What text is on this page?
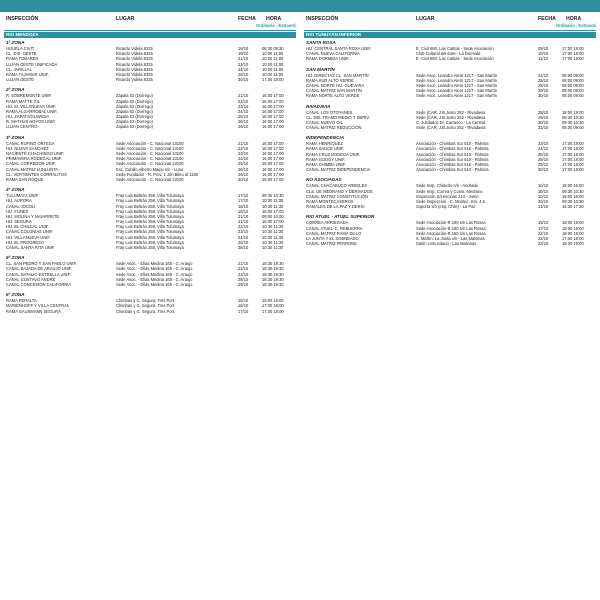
INSPECCIÓN	LUGAR	FECHA HORA
Ordinaria - Extraord.
RIO MENDOZA
1ª ZONA
HIJUELA CIVIT	Ricardo Videla 8325	18/10	08:30 09:30
CL. DIS. OESTE	Ricardo Videla 8325	19/10	10:00 11:00
RAMA TOBARES	Ricardo Videla 8325	21/10	10:00 11:00
LUJÁN OESTE UNIFICADA	Ricardo Videla 8325	23/10	10:00 11:00
CL. JARILLAL	Ricardo Videla 8325	24/10	10:00 11:00
RAMA TAJAMAR UNIF.	Ricardo Videla 8325	28/10	10:00 11:00
LUJÁN OESTE	Ricardo Videla 8325	30/10	17:00 18:00
2ª ZONA
R. SOBREMONTE UNIF.	Zapala 53 (Dorrego)	21/10	16:00 17:00
RAMA MATTE GIL	Zapala 53 (Dorrego)	22/10	16:00 17:00
HIJ. M. VILLANUEVA UNIF.	Zapala 53 (Dorrego)	23/10	16:00 17:00
RAMA ALGARROBAL UNIF.	Zapala 53 (Dorrego)	24/10	16:00 17:00
HIJ. ZAPATA/GUARDIA	Zapala 53 (Dorrego)	25/10	16:00 17:00
R. MATHUS HOYOS UNIF.	Zapala 53 (Dorrego)	28/10	16:00 17:00
LUJÁN CENTRO	Zapala 53 (Dorrego)	29/10	16:00 17:00
3ª ZONA
CANAL RUFINO ORTEGA	Sede Asociación - C. Nacional 13100	21/10	16:00 17:00
HIJ. NUEVA SANCHEZ	Sede Asociación - C. Nacional 13100	22/10	16:00 17:00
NACIENTE CHACHINGO UNIF.	Sede Asociación - C. Nacional 13100	23/10	16:00 17:00
PRIMAVERA RODEGAL UNIF.	Sede Asociación - C. Nacional 13100	24/10	16:00 17:00
CANAL CORREDOR UNIF.	Sede Asociación - C. Nacional 13100	25/10	16:00 17:00
CANAL MATRIZ LUNLUNTA	Esc. Cubillo Alberto Maipu s/n - Luna	28/10	16:00 17:00
CL. VERTIENTES CORRALITOS	Sede Fundador - R. Prov. 1 Jón Bileu al 1150	29/10	16:00 17:00
RAMA SAN ROQUE	Sede Asociación - C. Nacional 13100	30/10	16:00 17:00
4ª ZONA
TULUMAYA UNIF.	Fray Luis Beltrán 258, Villa Tulumaya	17/10	09:30 10:30
HIJ. AURORA	Fray Luis Beltrán 258, Villa Tulumaya	17/10	10:30 11:30
CANAL JOCOLÍ	Fray Luis Beltrán 258, Villa Tulumaya	18/10	10:30 11:30
HIJ. FUNES	Fray Luis Beltrán 258, Villa Tulumaya	18/10	16:00 17:00
HIJ. MOLINA Y NAVARRETE	Fray Luis Beltrán 258, Villa Tulumaya	21/10	09:00 10:00
HIJ. SEGURA	Fray Luis Beltrán 258, Villa Tulumaya	21/10	16:00 17:00
HIJ. EL CHILCAL UNIF.	Fray Luis Beltrán 258, Villa Tulumaya	22/10	10:30 11:30
CANAL COLONIAS UNIF.	Fray Luis Beltrán 258, Villa Tulumaya	23/10	10:30 11:30
HIJ. VILLANUEVA UNIF.	Fray Luis Beltrán 258, Villa Tulumaya	24/10	10:30 11:30
HIJ. EL PROGRESO	Fray Luis Beltrán 258, Villa Tulumaya	25/10	10:30 11:30
CANAL SANTA RITA UNIF.	Fray Luis Beltrán 258, Villa Tulumaya	28/10	10:30 11:30
5ª ZONA
CL. SAN PEDRO Y SAN PABLO UNIF.	Sede Asoc. - Elías Medina 165 - C. Araujo	21/10	18:30 19:30
CANAL BAJADA DE ARAUJO UNIF.	Sede Asoc. - Elías Medina 165 - C. Araujo	22/10	18:30 19:30
CANAL NATALIO ESTRELLA UNIF.	Sede Asoc. - Elías Medina 165 - C. Araujo	23/10	18:30 19:30
CANAL GUSTAVO ANDRÉ	Sede Asoc. - Elías Medina 165 - C. Araujo	28/10	18:30 19:30
CANAL CONCESIÓN CALIFORNIA	Sede Asoc. - Elías Medina 165 - C. Araujo	29/10	18:30 19:30
6ª ZONA
RAMA PERALTA	Chimbas y G. Segura, Tres Port.	15/10	15:00 16:00
MARIENHOFF Y VILLA CENTRAL	Chimbas y G. Segura, Tres Port.	16/10	17:00 18:00
RAMA GAUSMANN SEGURA	Chimbas y G. Segura, Tres Port.	17/10	17:00 18:00
INSPECCIÓN	LUGAR	FECHA HORA
Ordinaria - Extraord.
RIO TUNUYÁN INFERIOR
SANTA ROSA
HIJ. CENTRAL SANTA ROSA UNIF.	E. Civit 660, Las Catitas - Sede Asociación	09/10	17:00 18:00
CANAL NUEVA CALIFORNIA	Club Cultural del Este - La Dormida	10/10	17:00 18:00
RAMA DORMIDA UNIF.	E. Civit 660, Las Catitas - Sede Asociación	11/10	17:00 18:00
SAN MARTÍN
HIJ. DIRECTAS CL. SAN MARTÍN	Sede Asoc. Leandro Alem 1217 - San Martín	24/10	08:00 09:00
RAMA SUR ALTO VERDE	Sede Asoc. Leandro Alem 1217 - San Martín	25/10	08:00 09:00
CANAL NORTE HIJ. GUEVARA	Sede Asoc. Leandro Alem 1217 - San Martín	28/10	08:00 09:00
CANAL MATRIZ SAN MARTÍN	Sede Asoc. Leandro Alem 1217 - San Martín	29/10	08:00 09:00
RAMA NORTE ALTO VERDE	Sede Asoc. Leandro Alem 1217 - San Martín	30/10	08:00 09:00
RIVADAVIA
CANAL LOS OTOYANES	Sede (CAR, J.B.Justo 252 - Rivadavia	28/10	18:00 19:00
CL. DEL TRAMO MEDIO Y DERIV.	Sede (CAR, J.B.Justo 252 - Rivadavia	29/10	09:30 10:30
CANAL NUEVO GIL	C. Jubilados Dr. Carrasco - La Central	30/10	09:30 10:30
CANAL MATRIZ REDUCCIÓN	Sede (CAR, J.B.Justo 252 - Rivadavia	31/10	08:00 09:00
INDEPENDENCIA
RAMA HENRÍQUEZ	Asociación - Chimbas Sur 510 - Palmira	23/10	17:00 18:00
RAMA SAUCE UNIF.	Asociación - Chimbas Sur 510 - Palmira	24/10	17:00 18:00
RAMA CRUZ BODEGA UNIF.	Asociación - Chimbas Sur 510 - Palmira	25/10	17:00 18:00
RAMA GODOY UNIF.	Asociación - Chimbas Sur 510 - Palmira	28/10	17:00 18:00
RAMA CHIMBA UNIF.	Asociación - Chimbas Sur 510 - Palmira	29/10	17:00 18:00
CANAL MATRIZ INDEPENDENCIA	Asociación - Chimbas Sur 510 - Palmira	30/10	17:00 18:00
NO ASOCIADAS
CANAL CHACABUCO ARBOLES	Sede Insp. Chilecito s/n - Andrade	10/10	15:00 16:00
CLS. DE MEDRANO Y DERIVADOS	Sede Insp. Correa y Const. Medrano	18/10	09:30 10:30
CANAL MATRIZ CONSTITUCIÓN	Inspección S/Lencinas 214 - Junín	10/10	15:00 16:00
RAMA MONTECASEROS	Sede Inspección - C. Montec. Km. 4.5	30/10	09:30 10:30
RAMALES DE LA PAZ Y DERIV.	Soporta s/n (esq. Chile) - La Paz	31/10	16:30 17:30
RIO ATUEL · ATUEL SUPERIOR
CORREA ARRIEGADA	Sede Asociación-R.160 s/n Las Rosas	15/10	18:00 19:00
CANAL ATUEL-C. REBUERRA	Sede Asociación-R.160 s/n Las Rosas	17/10	18:00 19:00
CANAL MATRIZ RAMA DILLO	Sede Asociación-R.160 s/n Las Rosas	22/10	18:00 19:00
LA JUNTA Y EL SOBNEADO	S. Martín. La Junta s/n - Las Malvinas	22/10	17:00 18:00
CANAL MATRIZ PERRONE	Salón comunitario - Las Malvinas	23/10	18:00 19:00
